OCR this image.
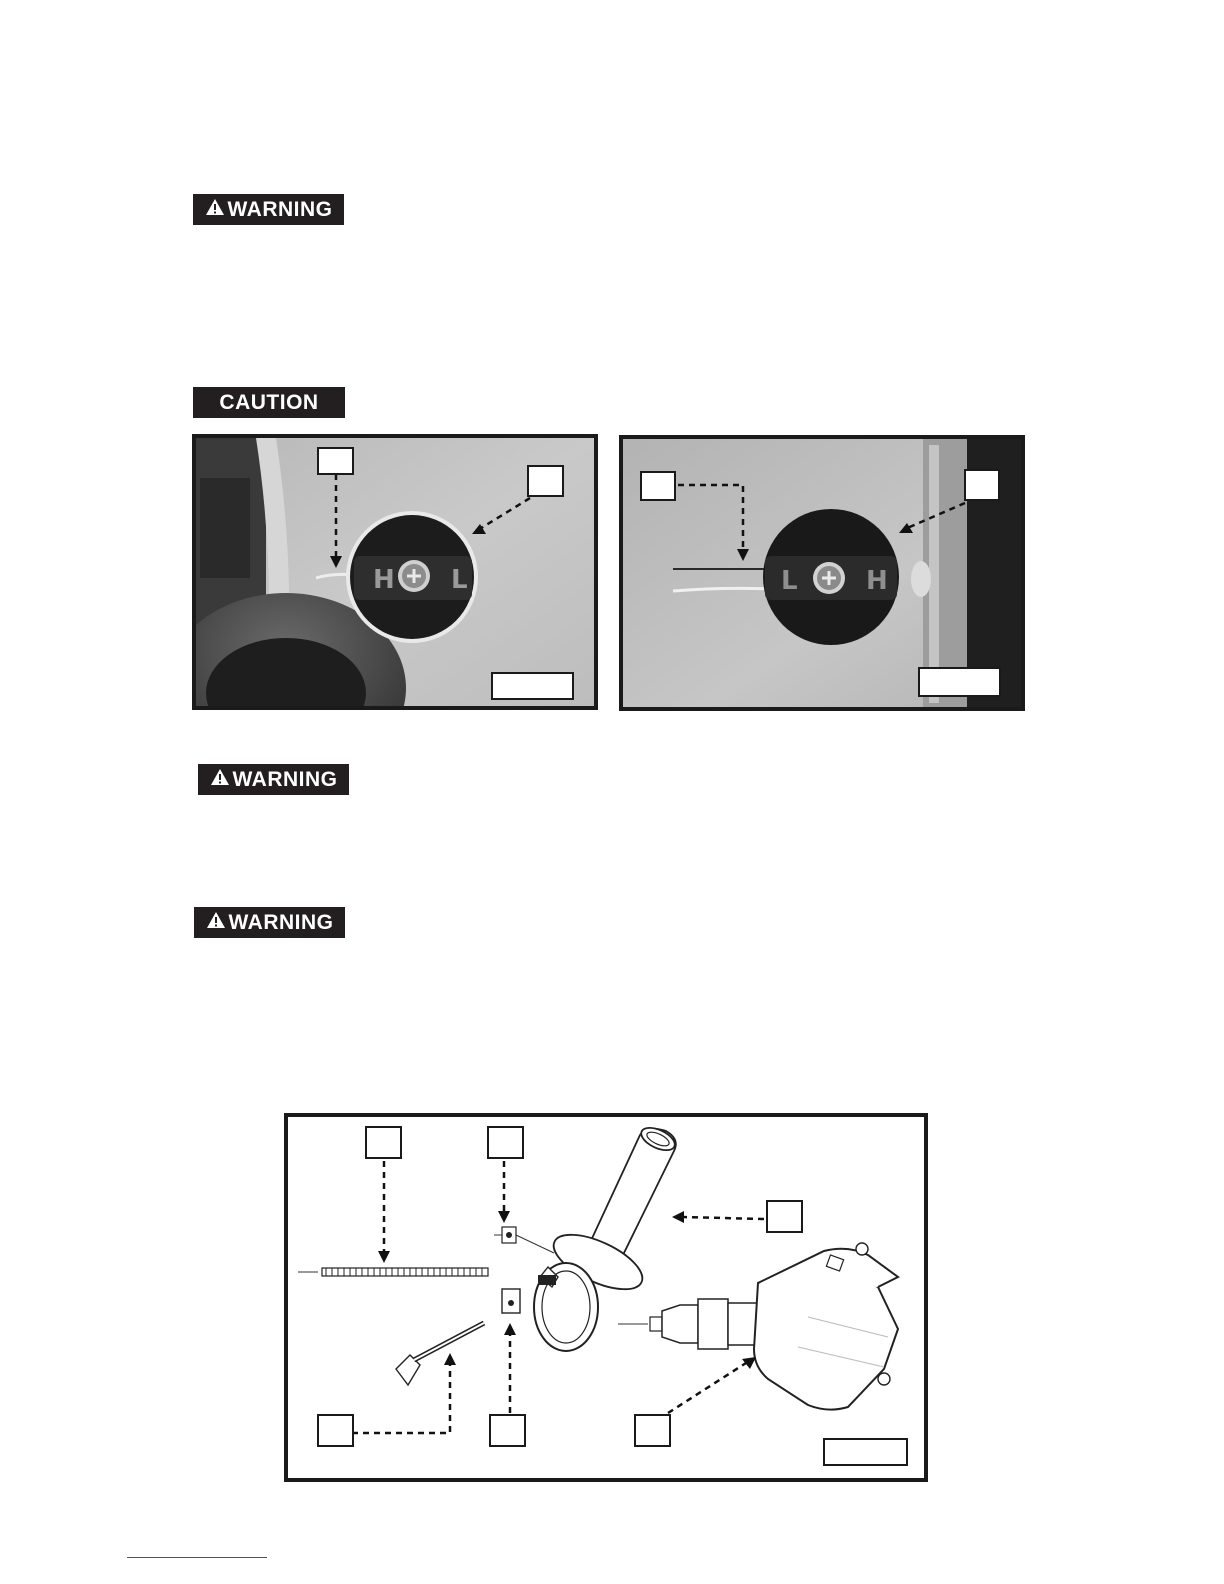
WARNING
CAUTION
WARNING
WARNING
H L	L	H
